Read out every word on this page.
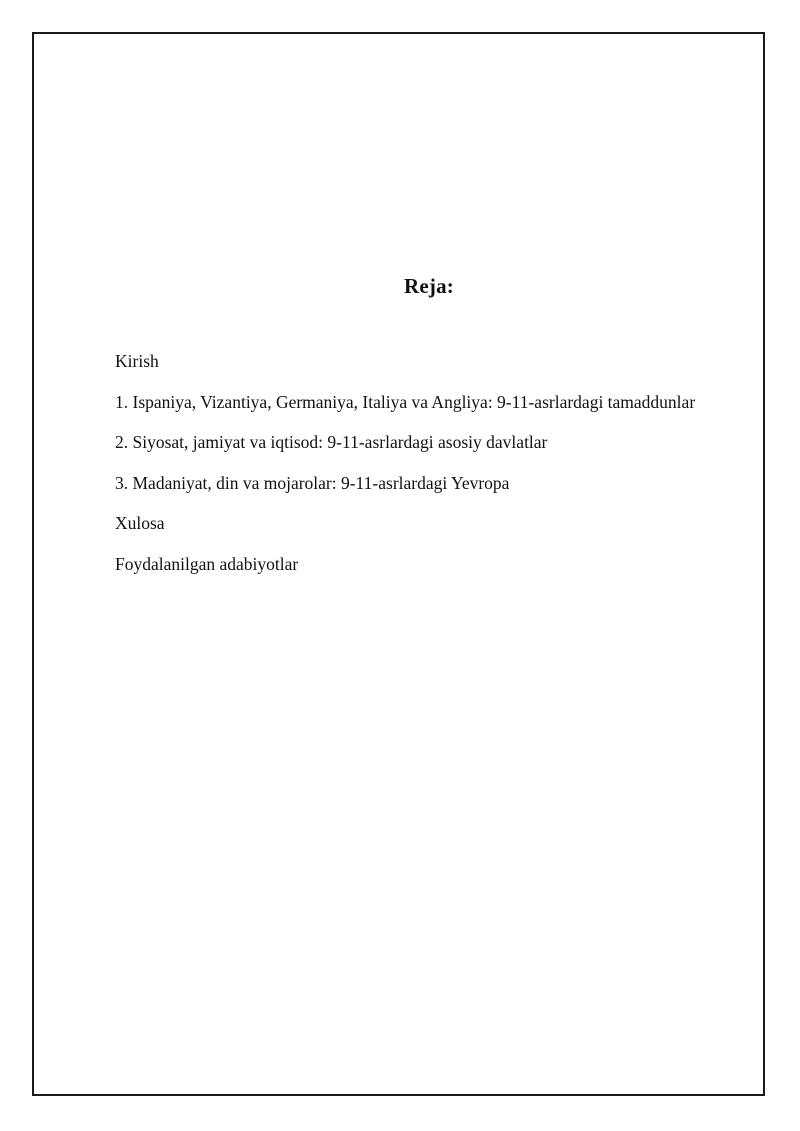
Reja:
Kirish
1. Ispaniya, Vizantiya, Germaniya, Italiya va Angliya: 9-11-asrlardagi tamaddunlar
2. Siyosat, jamiyat va iqtisod: 9-11-asrlardagi asosiy davlatlar
3. Madaniyat, din va mojarolar: 9-11-asrlardagi Yevropa
Xulosa
Foydalanilgan adabiyotlar
